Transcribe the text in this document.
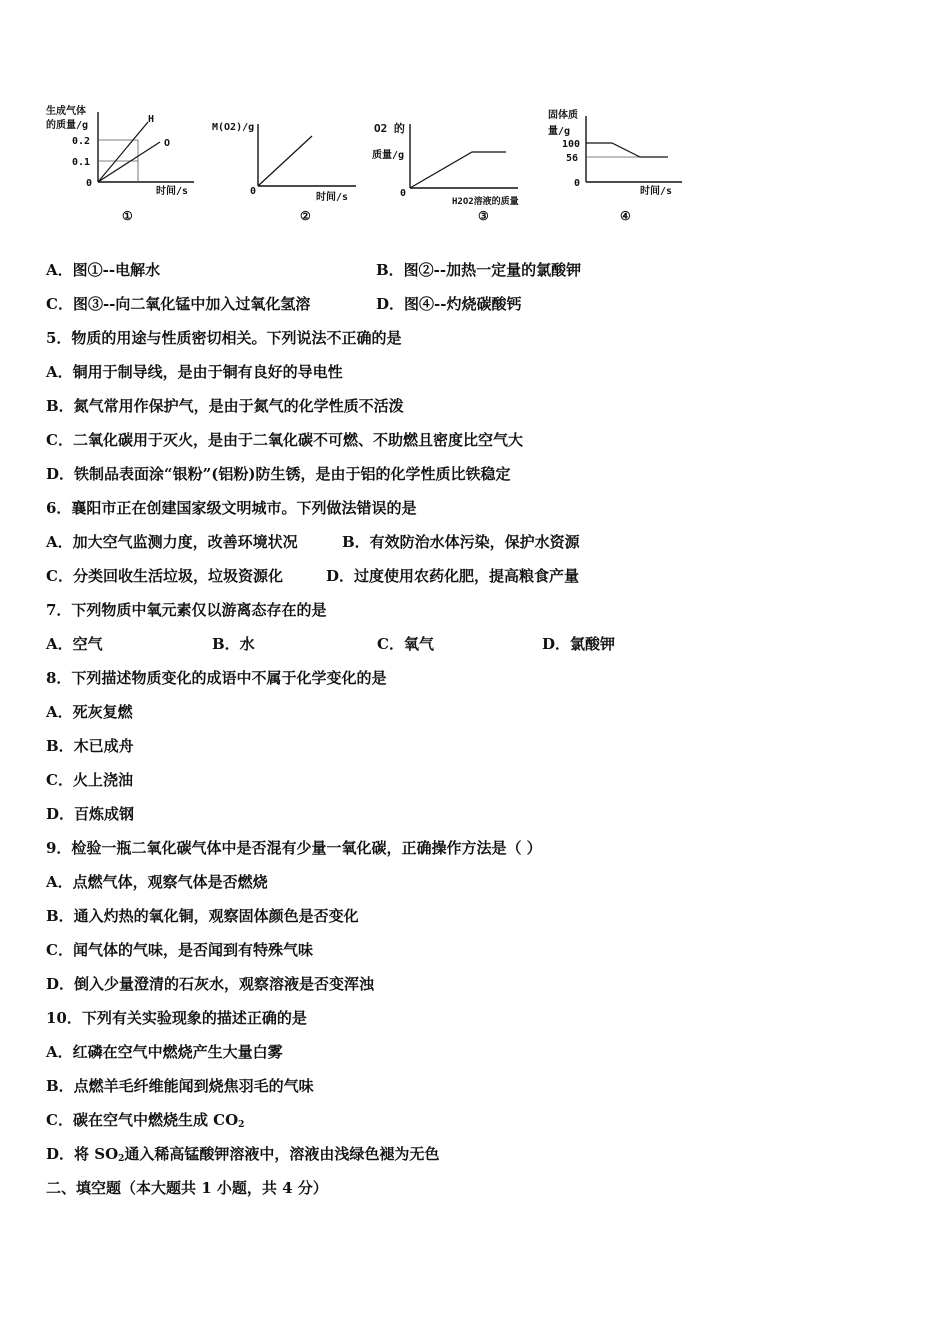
生成气体
的质量/g
H
O
0.2
0.1
0
时间/s
①
M(O2)/g
0
时间/s
②
O2 的
质量/g
0
H2O2溶液的质量
③
固体质
量/g
100
56
0
时间/s
④
A．图①--电解水	B．图②--加热一定量的氯酸钾
C．图③--向二氧化锰中加入过氧化氢溶	D．图④--灼烧碳酸钙
5．物质的用途与性质密切相关。下列说法不正确的是
A．铜用于制导线，是由于铜有良好的导电性
B．氮气常用作保护气，是由于氮气的化学性质不活泼
C．二氧化碳用于灭火，是由于二氧化碳不可燃、不助燃且密度比空气大
D．铁制品表面涂“银粉”(铝粉)防生锈，是由于铝的化学性质比铁稳定
6．襄阳市正在创建国家级文明城市。下列做法错误的是
A．加大空气监测力度，改善环境状况	B．有效防治水体污染，保护水资源
C．分类回收生活垃圾，垃圾资源化	D．过度使用农药化肥，提高粮食产量
7．下列物质中氧元素仅以游离态存在的是
A．空气	B．水	C．氧气	D．氯酸钾
8．下列描述物质变化的成语中不属于化学变化的是
A．死灰复燃
B．木已成舟
C．火上浇油
D．百炼成钢
9．检验一瓶二氧化碳气体中是否混有少量一氧化碳，正确操作方法是（ ）
A．点燃气体，观察气体是否燃烧
B．通入灼热的氧化铜，观察固体颜色是否变化
C．闻气体的气味，是否闻到有特殊气味
D．倒入少量澄清的石灰水，观察溶液是否变浑浊
10．下列有关实验现象的描述正确的是
A．红磷在空气中燃烧产生大量白雾
B．点燃羊毛纤维能闻到烧焦羽毛的气味
C．碳在空气中燃烧生成 $CO_2$
D．将 $SO_2$通入稀高锰酸钾溶液中，溶液由浅绿色褪为无色
二、填空题（本大题共 1 小题，共 4 分）
